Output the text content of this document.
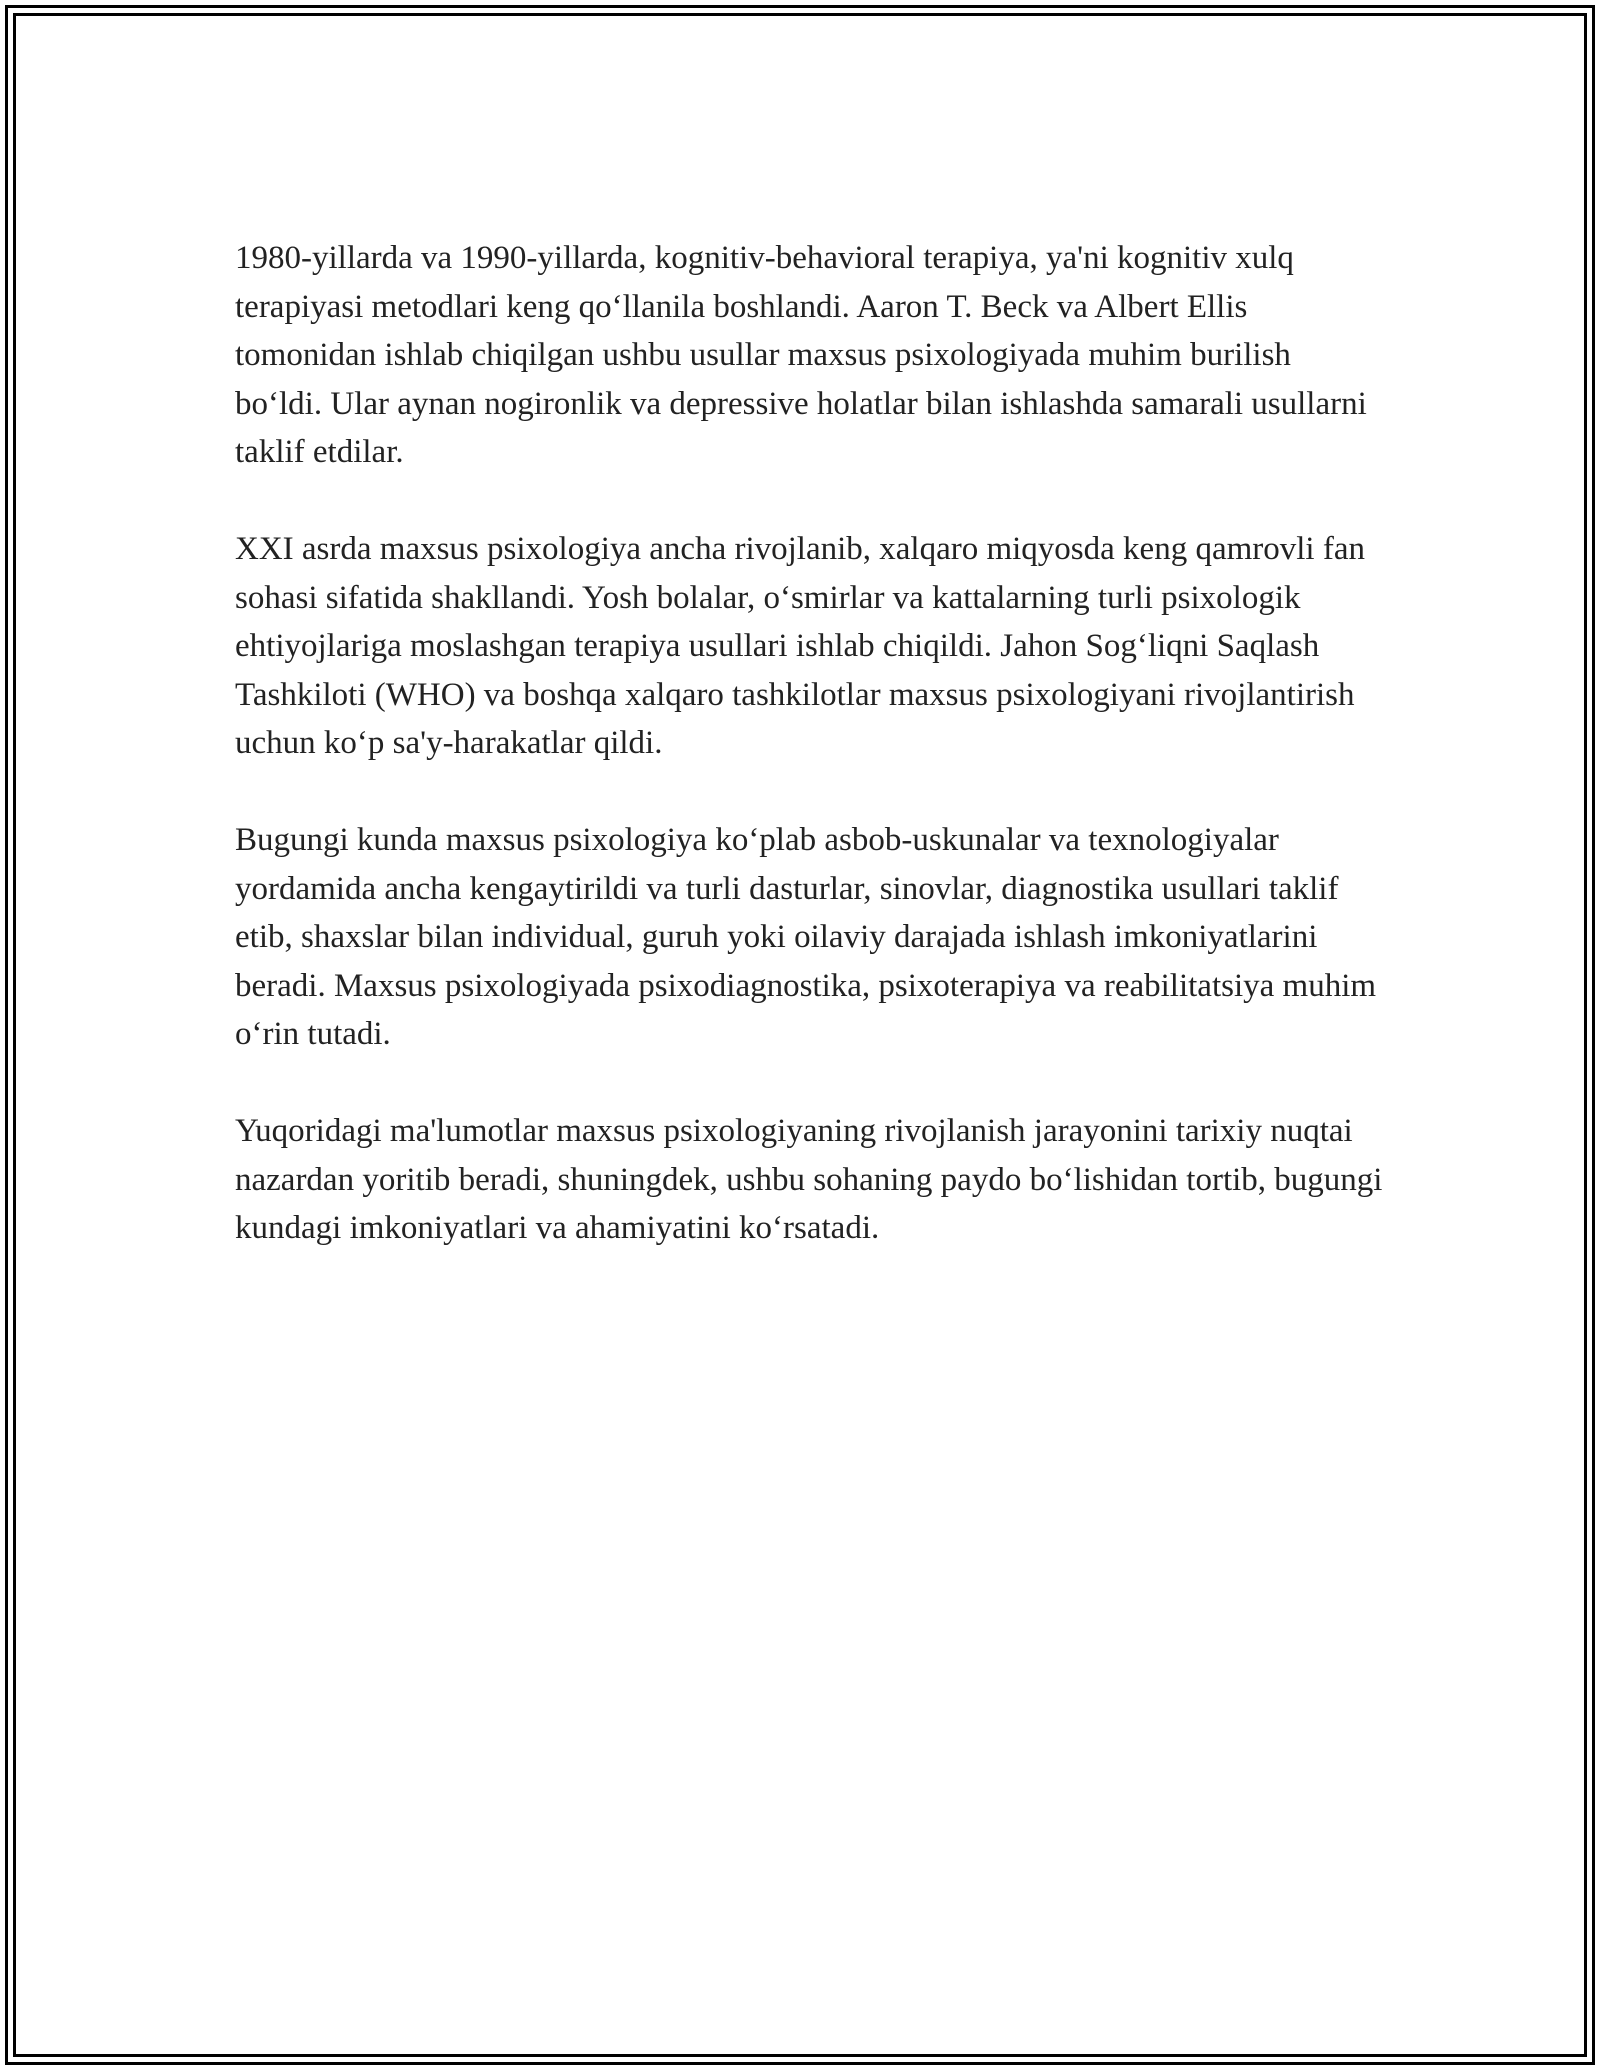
1980-yillarda va 1990-yillarda, kognitiv-behavioral terapiya, ya'ni kognitiv xulq terapiyasi metodlari keng qo‘llanila boshlandi. Aaron T. Beck va Albert Ellis tomonidan ishlab chiqilgan ushbu usullar maxsus psixologiyada muhim burilish bo‘ldi. Ular aynan nogironlik va depressive holatlar bilan ishlashda samarali usullarni taklif etdilar.

XXI asrda maxsus psixologiya ancha rivojlanib, xalqaro miqyosda keng qamrovli fan sohasi sifatida shakllandi. Yosh bolalar, o‘smirlar va kattalarning turli psixologik ehtiyojlariga moslashgan terapiya usullari ishlab chiqildi. Jahon Sog‘liqni Saqlash Tashkiloti (WHO) va boshqa xalqaro tashkilotlar maxsus psixologiyani rivojlantirish uchun ko‘p sa'y-harakatlar qildi.

Bugungi kunda maxsus psixologiya ko‘plab asbob-uskunalar va texnologiyalar yordamida ancha kengaytirildi va turli dasturlar, sinovlar, diagnostika usullari taklif etib, shaxslar bilan individual, guruh yoki oilaviy darajada ishlash imkoniyatlarini beradi. Maxsus psixologiyada psixodiagnostika, psixoterapiya va reabilitatsiya muhim o‘rin tutadi.

Yuqoridagi ma'lumotlar maxsus psixologiyaning rivojlanish jarayonini tarixiy nuqtai nazardan yoritib beradi, shuningdek, ushbu sohaning paydo bo‘lishidan tortib, bugungi kundagi imkoniyatlari va ahamiyatini ko‘rsatadi.
